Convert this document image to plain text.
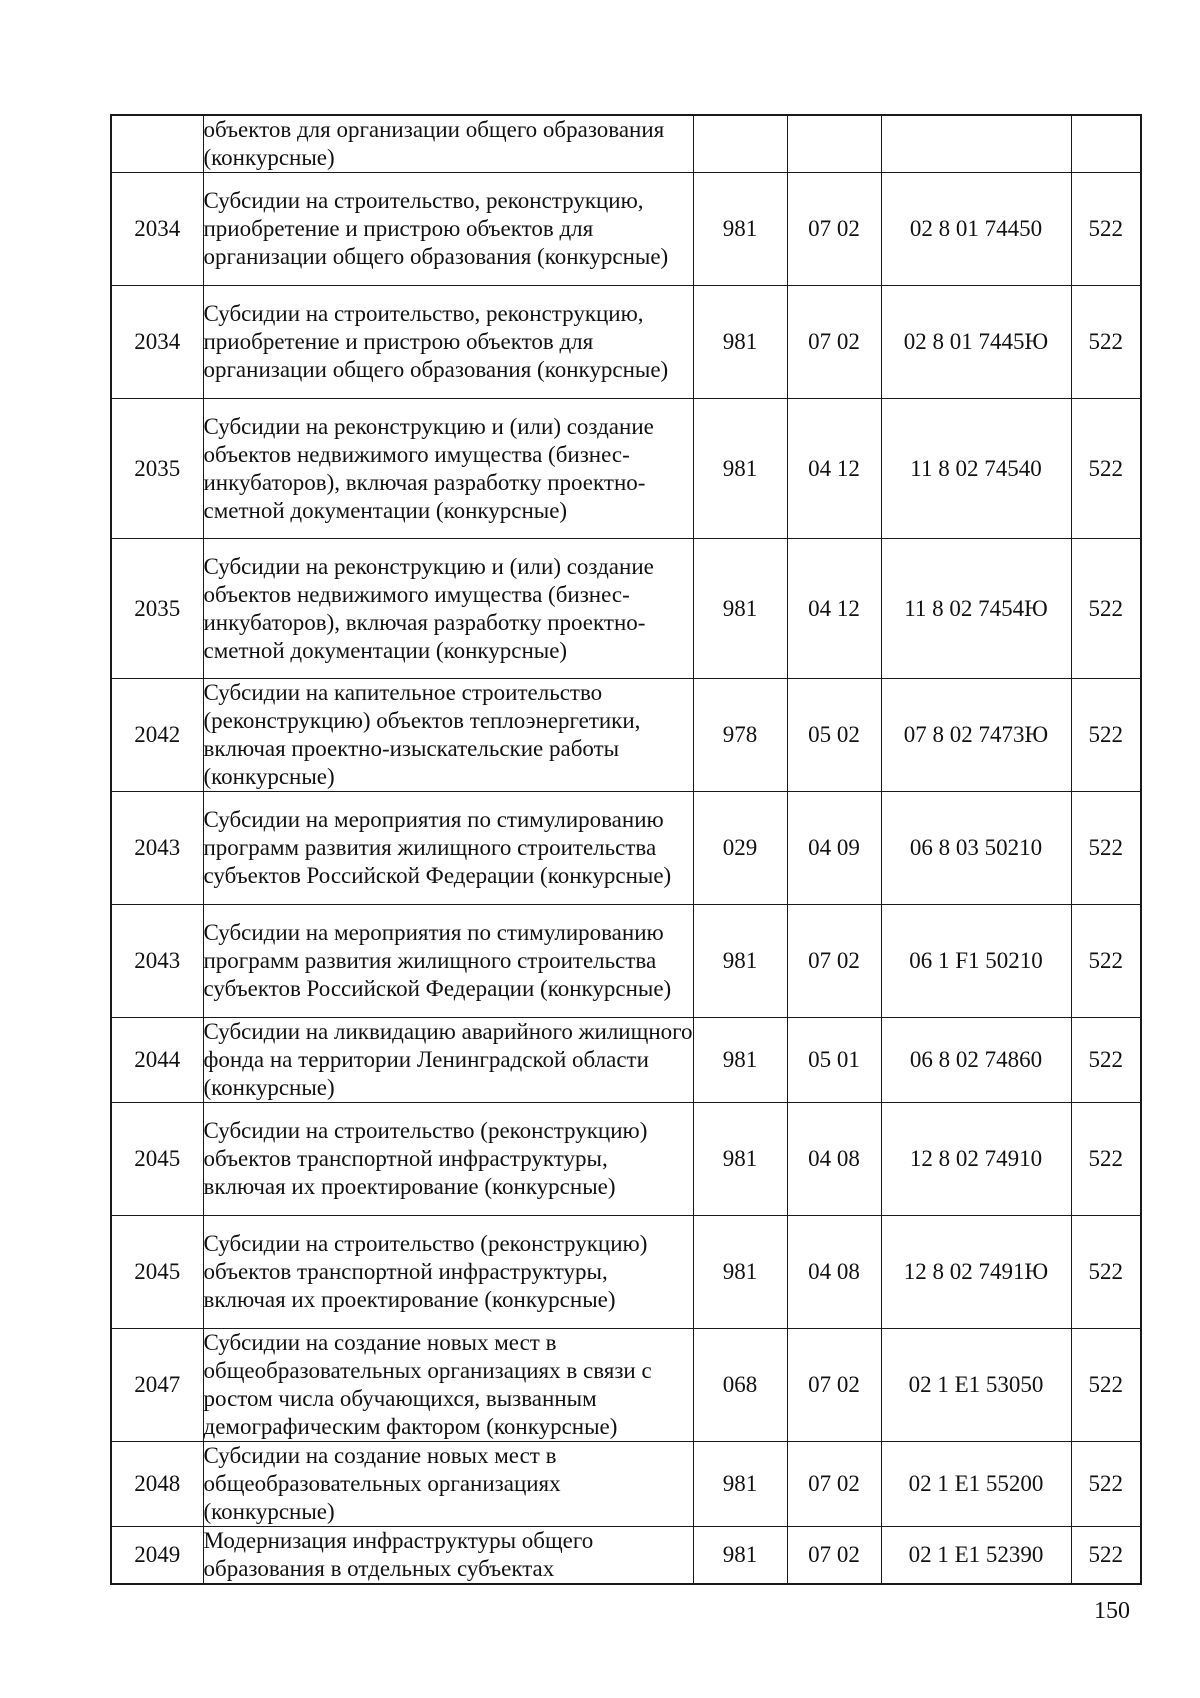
	объектов для организации общего образования (конкурсные)				
2034	Субсидии на строительство, реконструкцию, приобретение и пристрою объектов для организации общего образования (конкурсные)	981	07 02	02 8 01 74450	522
2034	Субсидии на строительство, реконструкцию, приобретение и пристрою объектов для организации общего образования (конкурсные)	981	07 02	02 8 01 7445Ю	522
2035	Субсидии на реконструкцию и (или) создание объектов недвижимого имущества (бизнес-инкубаторов), включая разработку проектно-сметной документации (конкурсные)	981	04 12	11 8 02 74540	522
2035	Субсидии на реконструкцию и (или) создание объектов недвижимого имущества (бизнес-инкубаторов), включая разработку проектно-сметной документации (конкурсные)	981	04 12	11 8 02 7454Ю	522
2042	Субсидии на капительное строительство (реконструкцию) объектов теплоэнергетики, включая проектно-изыскательские работы (конкурсные)	978	05 02	07 8 02 7473Ю	522
2043	Субсидии на мероприятия по стимулированию программ развития жилищного строительства субъектов Российской Федерации (конкурсные)	029	04 09	06 8 03 50210	522
2043	Субсидии на мероприятия по стимулированию программ развития жилищного строительства субъектов Российской Федерации (конкурсные)	981	07 02	06 1 F1 50210	522
2044	Субсидии на ликвидацию аварийного жилищного фонда на территории Ленинградской области (конкурсные)	981	05 01	06 8 02 74860	522
2045	Субсидии на строительство (реконструкцию) объектов транспортной инфраструктуры, включая их проектирование (конкурсные)	981	04 08	12 8 02 74910	522
2045	Субсидии на строительство (реконструкцию) объектов транспортной инфраструктуры, включая их проектирование (конкурсные)	981	04 08	12 8 02 7491Ю	522
2047	Субсидии на создание новых мест в общеобразовательных организациях в связи с ростом числа обучающихся, вызванным демографическим фактором (конкурсные)	068	07 02	02 1 E1 53050	522
2048	Субсидии на создание новых мест в общеобразовательных организациях (конкурсные)	981	07 02	02 1 E1 55200	522
2049	Модернизация инфраструктуры общего образования в отдельных субъектах	981	07 02	02 1 E1 52390	522
150
